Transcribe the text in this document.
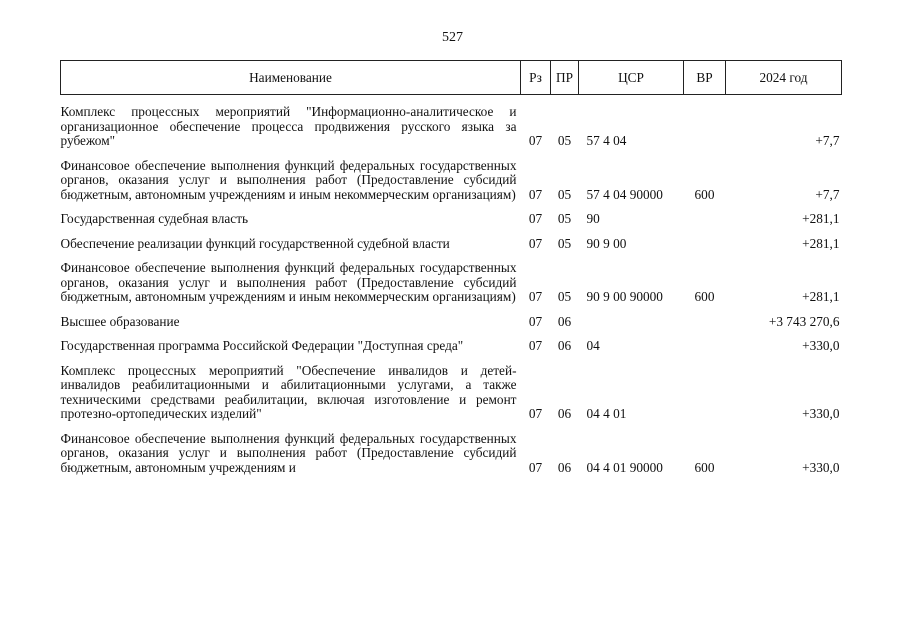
527
Наименование	Рз	ПР	ЦСР	ВР	2024 год

Комплекс процессных мероприятий "Информационно-аналитическое и организационное обеспечение процесса продвижения русского языка за рубежом"	07	05	57 4 04		+7,7

Финансовое обеспечение выполнения функций федеральных государственных органов, оказания услуг и выполнения работ (Предоставление субсидий бюджетным, автономным учреждениям и иным некоммерческим организациям)	07	05	57 4 04 90000	600	+7,7

Государственная судебная власть	07	05	90		+281,1

Обеспечение реализации функций государственной судебной власти	07	05	90 9 00		+281,1

Финансовое обеспечение выполнения функций федеральных государственных органов, оказания услуг и выполнения работ (Предоставление субсидий бюджетным, автономным учреждениям и иным некоммерческим организациям)	07	05	90 9 00 90000	600	+281,1

Высшее образование	07	06			+3 743 270,6

Государственная программа Российской Федерации "Доступная среда"	07	06	04		+330,0

Комплекс процессных мероприятий "Обеспечение инвалидов и детей-инвалидов реабилитационными и абилитационными услугами, а также техническими средствами реабилитации, включая изготовление и ремонт протезно-ортопедических изделий"	07	06	04 4 01		+330,0

Финансовое обеспечение выполнения функций федеральных государственных органов, оказания услуг и выполнения работ (Предоставление субсидий бюджетным, автономным учреждениям и	07	06	04 4 01 90000	600	+330,0
